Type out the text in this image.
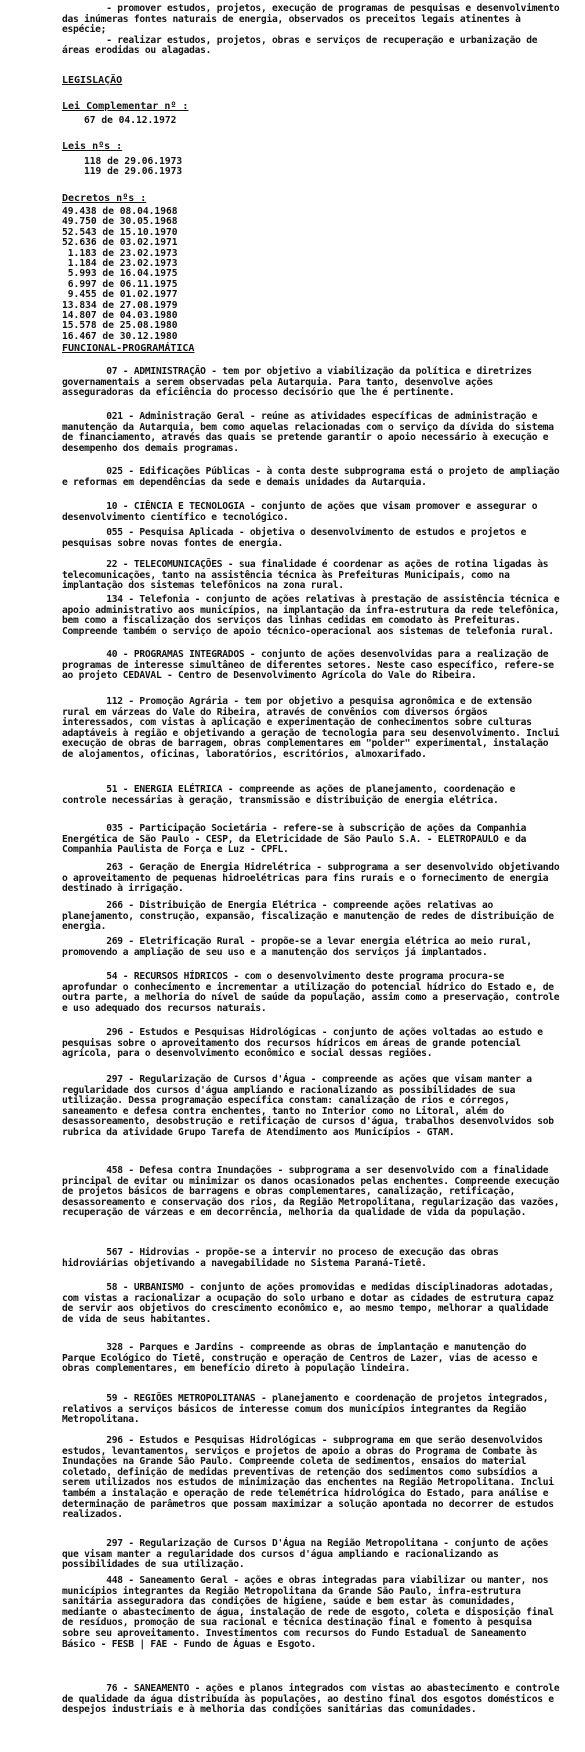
- promover estudos, projetos, execução de programas de pesquisas e desenvolvimento das inúmeras fontes naturais de energia, observados os preceitos legais atinentes à espécie;
- realizar estudos, projetos, obras e serviços de recuperação e urbanização de áreas erodidas ou alagadas.

LEGISLAÇÃO

Lei Complementar nº :

67 de 04.12.1972

Leis nºs :

118 de 29.06.1973
119 de 29.06.1973

Decretos nºs :

49.438 de 08.04.1968
49.750 de 30.05.1968
52.543 de 15.10.1970
52.636 de 03.02.1971
1.183 de 23.02.1973
1.184 de 23.02.1973
5.993 de 16.04.1975
6.997 de 06.11.1975
9.455 de 01.02.1977
13.834 de 27.08.1979
14.807 de 04.03.1980
15.578 de 25.08.1980
16.467 de 30.12.1980

FUNCIONAL-PROGRAMÁTICA

07 - ADMINISTRAÇÃO - tem por objetivo a viabilização da política e diretrizes governamentais a serem observadas pela Autarquia. Para tanto, desenvolve ações asseguradoras da eficiência do processo decisório que lhe é pertinente.

021 - Administração Geral - reúne as atividades específicas de administração e manutenção da Autarquia, bem como aquelas relacionadas com o serviço da dívida do sistema de financiamento, através das quais se pretende garantir o apoio necessário à execução e desempenho dos demais programas.

025 - Edificações Públicas - à conta deste subprograma está o projeto de ampliação e reformas em dependências da sede e demais unidades da Autarquia.

10 - CIÊNCIA E TECNOLOGIA - conjunto de ações que visam promover e assegurar o desenvolvimento científico e tecnológico.

055 - Pesquisa Aplicada - objetiva o desenvolvimento de estudos e projetos e pesquisas sobre novas fontes de energia.

22 - TELECOMUNICAÇÕES - sua finalidade é coordenar as ações de rotina ligadas às telecomunicações, tanto na assistência técnica às Prefeituras Municipais, como na implantação dos sistemas telefônicos na zona rural.

134 - Telefonia - conjunto de ações relativas à prestação de assistência técnica e apoio administrativo aos municípios, na implantação da infra-estrutura da rede telefônica, bem como a fiscalização dos serviços das linhas cedidas em comodato às Prefeituras. Compreende também o serviço de apoio técnico-operacional aos sistemas de telefonia rural.

40 - PROGRAMAS INTEGRADOS - conjunto de ações desenvolvidas para a realização de programas de interesse simultâneo de diferentes setores. Neste caso específico, refere-se ao projeto CEDAVAL - Centro de Desenvolvimento Agrícola do Vale do Ribeira.

112 - Promoção Agrária - tem por objetivo a pesquisa agronômica e de extensão rural em várzeas do Vale do Ribeira, através de convênios com diversos órgãos interessados, com vistas à aplicação e experimentação de conhecimentos sobre culturas adaptáveis à região e objetivando a geração de tecnologia para seu desenvolvimento. Inclui execução de obras de barragem, obras complementares em "polder" experimental, instalação de alojamentos, oficinas, laboratórios, escritórios, almoxarifado.

51 - ENERGIA ELÉTRICA - compreende as ações de planejamento, coordenação e controle necessárias à geração, transmissão e distribuição de energia elétrica.

035 - Participação Societária - refere-se à subscrição de ações da Companhia Energética de São Paulo - CESP, da Eletricidade de São Paulo S.A. - ELETROPAULO e da Companhia Paulista de Força e Luz - CPFL.

263 - Geração de Energia Hidrelétrica - subprograma a ser desenvolvido objetivando o aproveitamento de pequenas hidroelétricas para fins rurais e o fornecimento de energia destinado à irrigação.

266 - Distribuição de Energia Elétrica - compreende ações relativas ao planejamento, construção, expansão, fiscalização e manutenção de redes de distribuição de energia.

269 - Eletrificação Rural - propõe-se a levar energia elétrica ao meio rural, promovendo a ampliação de seu uso e a manutenção dos serviços já implantados.

54 - RECURSOS HÍDRICOS - com o desenvolvimento deste programa procura-se aprofundar o conhecimento e incrementar a utilização do potencial hídrico do Estado e, de outra parte, a melhoria do nível de saúde da população, assim como a preservação, controle e uso adequado dos recursos naturais.

296 - Estudos e Pesquisas Hidrológicas - conjunto de ações voltadas ao estudo e pesquisas sobre o aproveitamento dos recursos hídricos em áreas de grande potencial agrícola, para o desenvolvimento econômico e social dessas regiões.

297 - Regularização de Cursos d'Água - compreende as ações que visam manter a regularidade dos cursos d'água ampliando e racionalizando as possibilidades de sua utilização. Dessa programação específica constam: canalização de rios e córregos, saneamento e defesa contra enchentes, tanto no Interior como no Litoral, além do desassoreamento, desobstrução e retificação de cursos d'água, trabalhos desenvolvidos sob rubrica da atividade Grupo Tarefa de Atendimento aos Municípios - GTAM.

458 - Defesa contra Inundações - subprograma a ser desenvolvido com a finalidade principal de evitar ou minimizar os danos ocasionados pelas enchentes. Compreende execução de projetos básicos de barragens e obras complementares, canalização, retificação, desassoreamento e conservação dos rios, da Região Metropolitana, regularização das vazões, recuperação de várzeas e em decorrência, melhoria da qualidade de vida da população.

567 - Hidrovias - propõe-se a intervir no proceso de execução das obras hidroviárias objetivando a navegabilidade no Sistema Paraná-Tietê.

58 - URBANISMO - conjunto de ações promovidas e medidas disciplinadoras adotadas, com vistas a racionalizar a ocupação do solo urbano e dotar as cidades de estrutura capaz de servir aos objetivos do crescimento econômico e, ao mesmo tempo, melhorar a qualidade de vida de seus habitantes.

328 - Parques e Jardins - compreende as obras de implantação e manutenção do Parque Ecológico do Tietê, construção e operação de Centros de Lazer, vias de acesso e obras complementares, em benefício direto à população lindeira.

59 - REGIÕES METROPOLITANAS - planejamento e coordenação de projetos integrados, relativos a serviços básicos de interesse comum dos municípios integrantes da Região Metropolitana.

296 - Estudos e Pesquisas Hidrológicas - subprograma em que serão desenvolvidos estudos, levantamentos, serviços e projetos de apoio a obras do Programa de Combate às Inundações na Grande São Paulo. Compreende coleta de sedimentos, ensaios do material coletado, definição de medidas preventivas de retenção dos sedimentos como subsídios a serem utilizados nos estudos de minimização das enchentes na Região Metropolitana. Inclui também a instalação e operação de rede telemétrica hidrológica do Estado, para análise e determinação de parâmetros que possam maximizar a solução apontada no decorrer de estudos realizados.

297 - Regularização de Cursos D'Água na Região Metropolitana - conjunto de ações que visam manter a regularidade dos cursos d'água ampliando e racionalizando as possibilidades de sua utilização.

448 - Saneamento Geral - ações e obras integradas para viabilizar ou manter, nos municípios integrantes da Região Metropolitana da Grande São Paulo, infra-estrutura sanitária asseguradora das condições de higiene, saúde e bem estar às comunidades, mediante o abastecimento de água, instalação de rede de esgoto, coleta e disposição final de resíduos, promoção de sua racional e técnica destinação final e fomento à pesquisa sobre seu aproveitamento. Investimentos com recursos do Fundo Estadual de Saneamento Básico - FESB | FAE - Fundo de Águas e Esgoto.

76 - SANEAMENTO - ações e planos integrados com vistas ao abastecimento e controle de qualidade da água distribuída às populações, ao destino final dos esgotos domésticos e despejos industriais e à melhoria das condições sanitárias das comunidades.
